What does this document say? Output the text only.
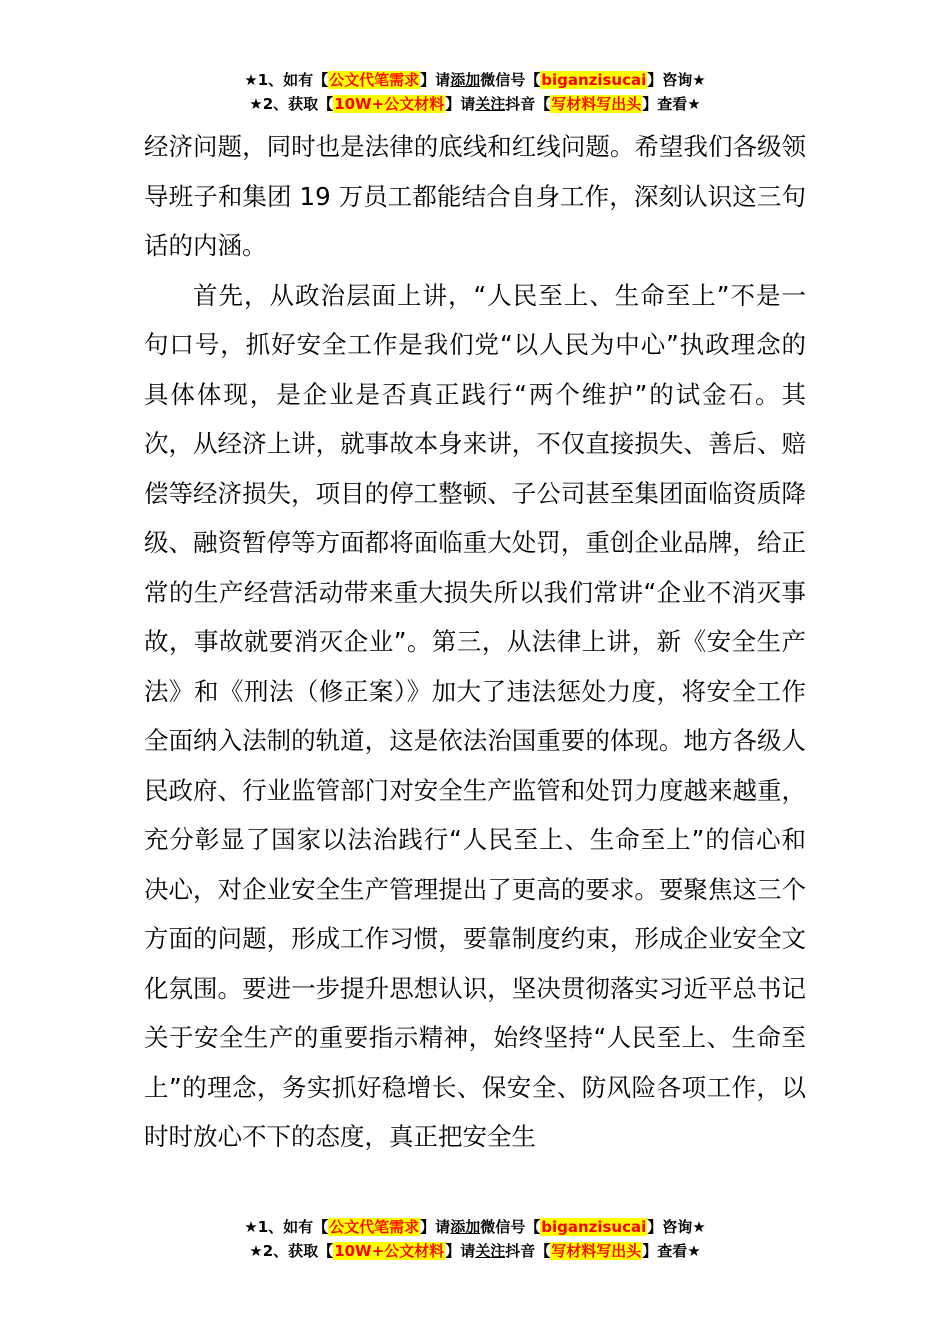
★1、如有【公文代笔需求】请添加微信号【biganzisucai】咨询★
★2、获取【10W+公文材料】请关注抖音【写材料写出头】查看★

经济问题，同时也是法律的底线和红线问题。希望我们各级领导班子和集团 19 万员工都能结合自身工作，深刻认识这三句话的内涵。

首先，从政治层面上讲，“人民至上、生命至上”不是一句口号，抓好安全工作是我们党“以人民为中心”执政理念的具体体现，是企业是否真正践行“两个维护”的试金石。其次，从经济上讲，就事故本身来讲，不仅直接损失、善后、赔偿等经济损失，项目的停工整顿、子公司甚至集团面临资质降级、融资暂停等方面都将面临重大处罚，重创企业品牌，给正常的生产经营活动带来重大损失所以我们常讲“企业不消灭事故，事故就要消灭企业”。第三，从法律上讲，新《安全生产法》和《刑法（修正案）》加大了违法惩处力度，将安全工作全面纳入法制的轨道，这是依法治国重要的体现。地方各级人民政府、行业监管部门对安全生产监管和处罚力度越来越重，充分彰显了国家以法治践行“人民至上、生命至上”的信心和决心，对企业安全生产管理提出了更高的要求。要聚焦这三个方面的问题，形成工作习惯，要靠制度约束，形成企业安全文化氛围。要进一步提升思想认识，坚决贯彻落实习近平总书记关于安全生产的重要指示精神，始终坚持“人民至上、生命至上”的理念，务实抓好稳增长、保安全、防风险各项工作，以时时放心不下的态度，真正把安全生

★1、如有【公文代笔需求】请添加微信号【biganzisucai】咨询★
★2、获取【10W+公文材料】请关注抖音【写材料写出头】查看★
